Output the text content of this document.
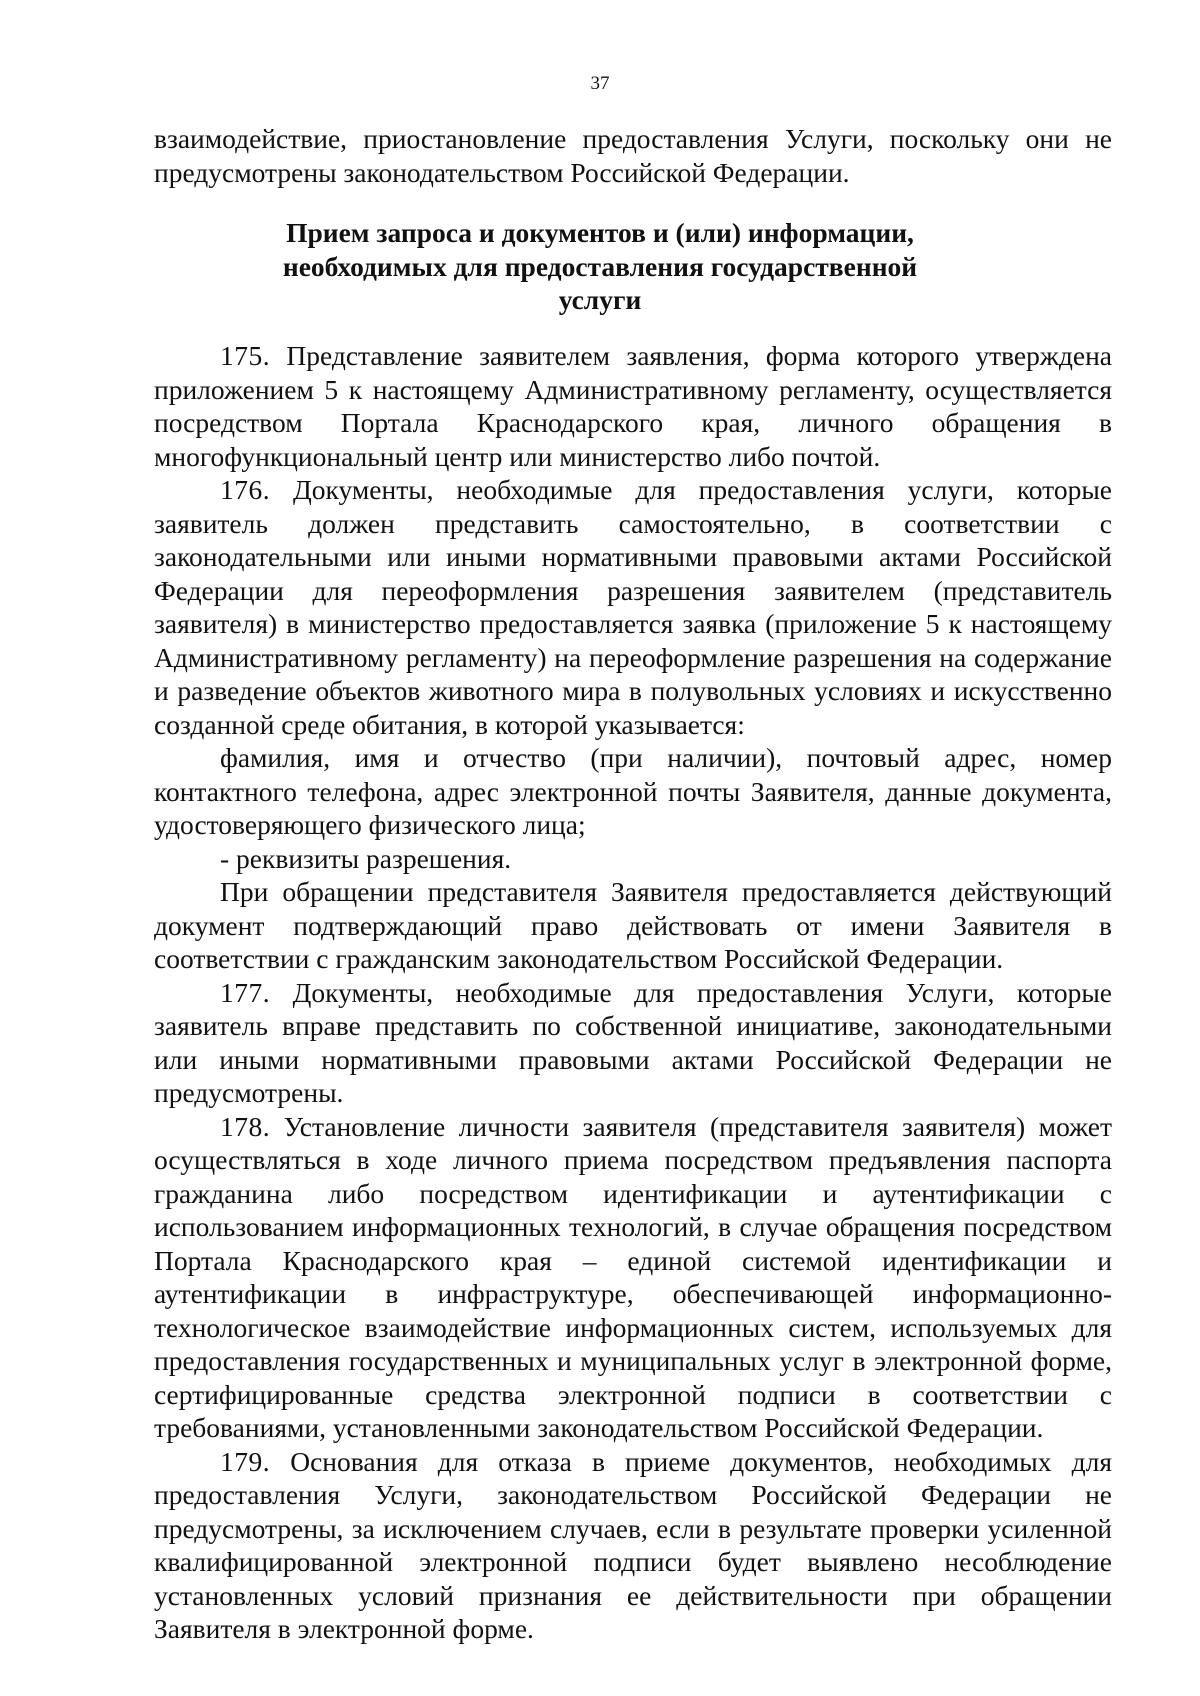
37
взаимодействие, приостановление предоставления Услуги, поскольку они не предусмотрены законодательством Российской Федерации.
Прием запроса и документов и (или) информации,
необходимых для предоставления государственной
услуги

175. Представление заявителем заявления, форма которого утверждена приложением 5 к настоящему Административному регламенту, осуществляется посредством Портала Краснодарского края, личного обращения в многофункциональный центр или министерство либо почтой.

176. Документы, необходимые для предоставления услуги, которые заявитель должен представить самостоятельно, в соответствии с законодательными или иными нормативными правовыми актами Российской Федерации для переоформления разрешения заявителем (представитель заявителя) в министерство предоставляется заявка (приложение 5 к настоящему Административному регламенту) на переоформление разрешения на содержание и разведение объектов животного мира в полувольных условиях и искусственно созданной среде обитания, в которой указывается:

фамилия, имя и отчество (при наличии), почтовый адрес, номер контактного телефона, адрес электронной почты Заявителя, данные документа, удостоверяющего физического лица;

- реквизиты разрешения.

При обращении представителя Заявителя предоставляется действующий документ подтверждающий право действовать от имени Заявителя в соответствии с гражданским законодательством Российской Федерации.

177. Документы, необходимые для предоставления Услуги, которые заявитель вправе представить по собственной инициативе, законодательными или иными нормативными правовыми актами Российской Федерации не предусмотрены.

178. Установление личности заявителя (представителя заявителя) может осуществляться в ходе личного приема посредством предъявления паспорта гражданина либо посредством идентификации и аутентификации с использованием информационных технологий, в случае обращения посредством Портала Краснодарского края – единой системой идентификации и аутентификации в инфраструктуре, обеспечивающей информационно-технологическое взаимодействие информационных систем, используемых для предоставления государственных и муниципальных услуг в электронной форме, сертифицированные средства электронной подписи в соответствии с требованиями, установленными законодательством Российской Федерации.

179. Основания для отказа в приеме документов, необходимых для предоставления Услуги, законодательством Российской Федерации не предусмотрены, за исключением случаев, если в результате проверки усиленной квалифицированной электронной подписи будет выявлено несоблюдение установленных условий признания ее действительности при обращении Заявителя в электронной форме.
